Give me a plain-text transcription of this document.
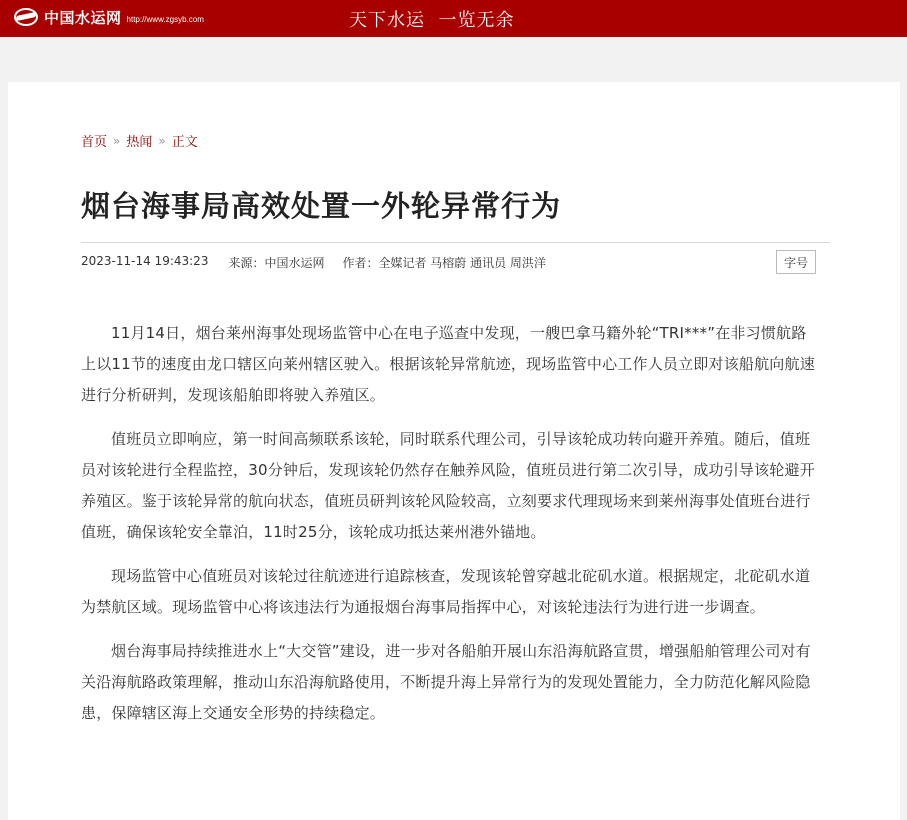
中国水运网 http://www.zgsyb.com	天下水运  一览无余
首页 » 热闻 » 正文
烟台海事局高效处置一外轮异常行为
2023-11-14 19:43:23 来源：中国水运网 作者：全媒记者 马榕蔚 通讯员 周洪洋	字号

11月14日，烟台莱州海事处现场监管中心在电子巡查中发现，一艘巴拿马籍外轮“TRI***”在非习惯航路上以11节的速度由龙口辖区向莱州辖区驶入。根据该轮异常航迹，现场监管中心工作人员立即对该船航向航速进行分析研判，发现该船舶即将驶入养殖区。

值班员立即响应，第一时间高频联系该轮，同时联系代理公司，引导该轮成功转向避开养殖。随后，值班员对该轮进行全程监控，30分钟后，发现该轮仍然存在触养风险，值班员进行第二次引导，成功引导该轮避开养殖区。鉴于该轮异常的航向状态，值班员研判该轮风险较高，立刻要求代理现场来到莱州海事处值班台进行值班，确保该轮安全靠泊，11时25分，该轮成功抵达莱州港外锚地。

现场监管中心值班员对该轮过往航迹进行追踪核查，发现该轮曾穿越北砣矶水道。根据规定，北砣矶水道为禁航区域。现场监管中心将该违法行为通报烟台海事局指挥中心，对该轮违法行为进行进一步调查。

烟台海事局持续推进水上“大交管”建设，进一步对各船舶开展山东沿海航路宣贯，增强船舶管理公司对有关沿海航路政策理解，推动山东沿海航路使用，不断提升海上异常行为的发现处置能力，全力防范化解风险隐患，保障辖区海上交通安全形势的持续稳定。
